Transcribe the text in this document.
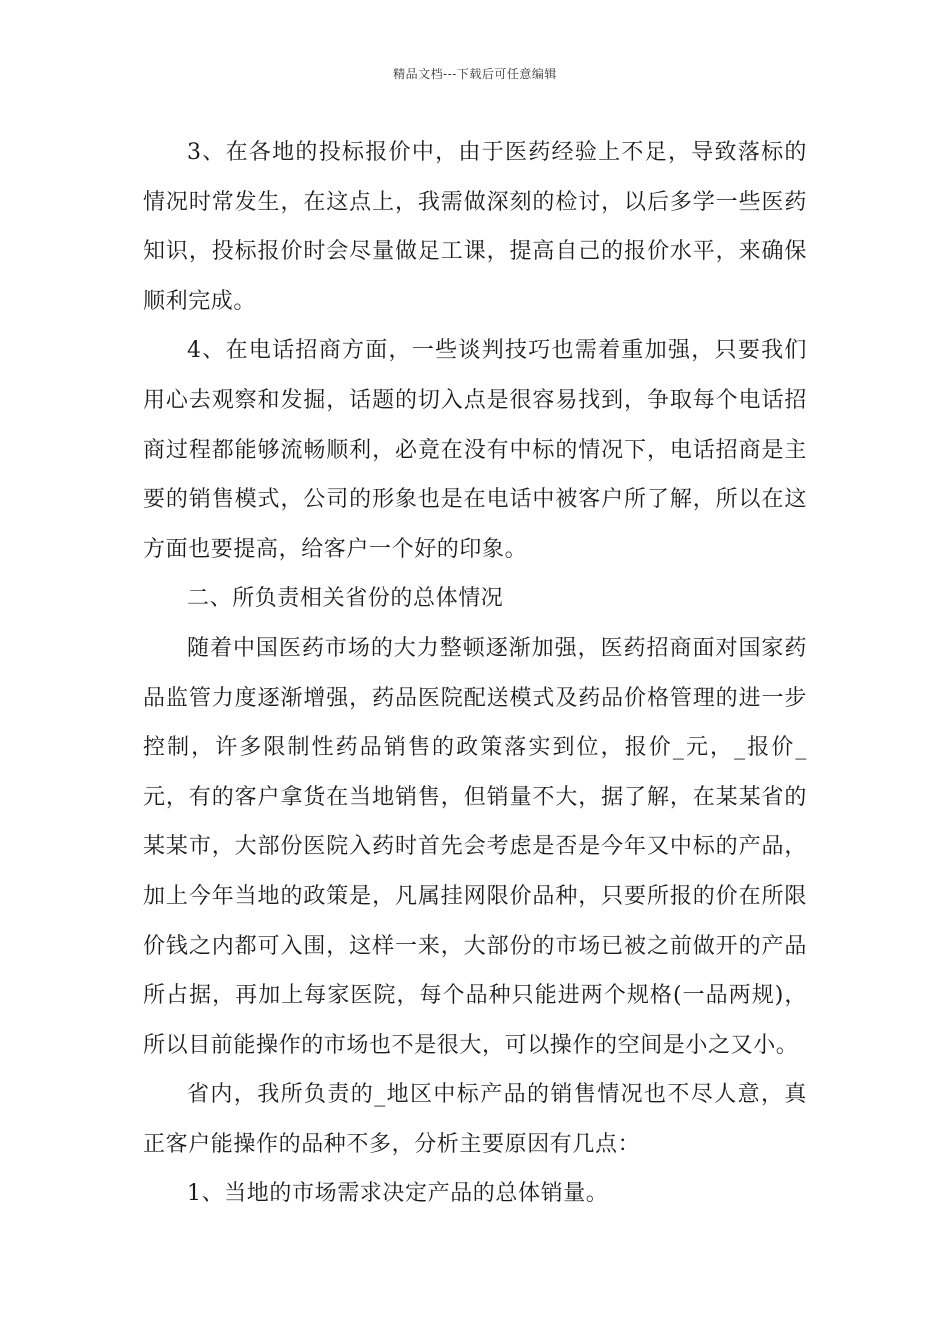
精品文档---下载后可任意编辑

3、在各地的投标报价中，由于医药经验上不足，导致落标的情况时常发生，在这点上，我需做深刻的检讨，以后多学一些医药知识，投标报价时会尽量做足工课，提高自己的报价水平，来确保顺利完成。

4、在电话招商方面，一些谈判技巧也需着重加强，只要我们用心去观察和发掘，话题的切入点是很容易找到，争取每个电话招商过程都能够流畅顺利，必竟在没有中标的情况下，电话招商是主要的销售模式，公司的形象也是在电话中被客户所了解，所以在这方面也要提高，给客户一个好的印象。

二、所负责相关省份的总体情况

随着中国医药市场的大力整顿逐渐加强，医药招商面对国家药品监管力度逐渐增强，药品医院配送模式及药品价格管理的进一步控制，许多限制性药品销售的政策落实到位，报价_元，_报价_元，有的客户拿货在当地销售，但销量不大，据了解，在某某省的某某市，大部份医院入药时首先会考虑是否是今年又中标的产品，加上今年当地的政策是，凡属挂网限价品种，只要所报的价在所限价钱之内都可入围，这样一来，大部份的市场已被之前做开的产品所占据，再加上每家医院，每个品种只能进两个规格(一品两规)，所以目前能操作的市场也不是很大，可以操作的空间是小之又小。

省内，我所负责的_地区中标产品的销售情况也不尽人意，真正客户能操作的品种不多，分析主要原因有几点：

1、当地的市场需求决定产品的总体销量。
